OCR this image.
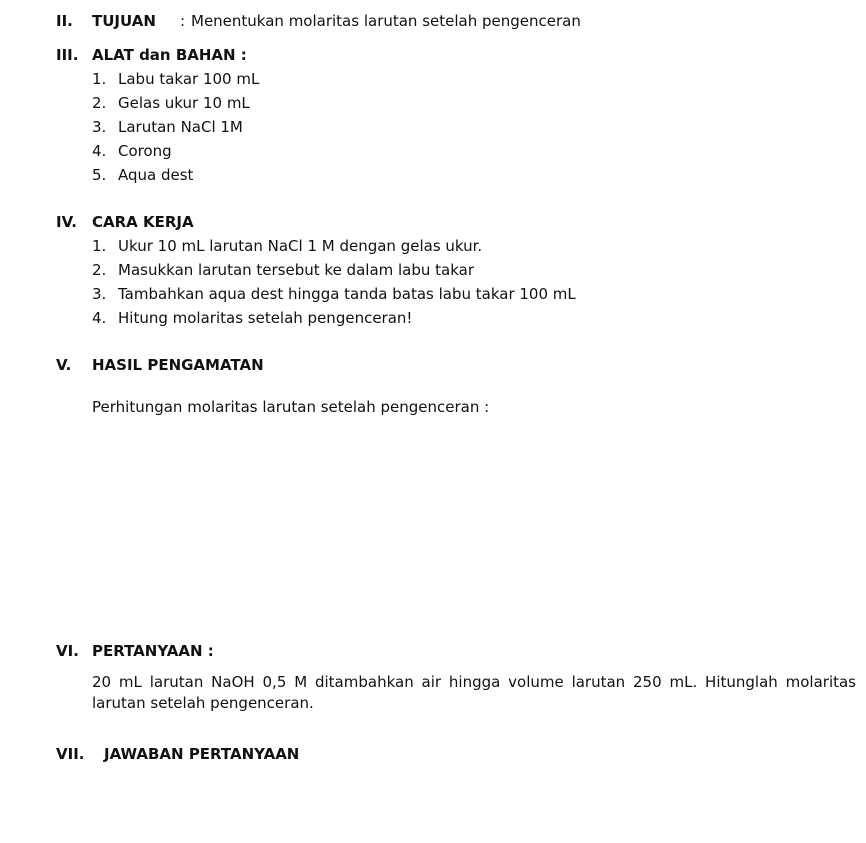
II. TUJUAN : Menentukan molaritas larutan setelah pengenceran
III. ALAT dan BAHAN :
1. Labu takar 100 mL
2. Gelas ukur 10 mL
3. Larutan NaCl 1M
4. Corong
5. Aqua dest
IV. CARA KERJA
1. Ukur 10 mL larutan NaCl 1 M dengan gelas ukur.
2. Masukkan larutan tersebut ke dalam labu takar
3. Tambahkan aqua dest hingga tanda batas labu takar 100 mL
4. Hitung molaritas setelah pengenceran!
V. HASIL PENGAMATAN
Perhitungan molaritas larutan setelah pengenceran :
VI. PERTANYAAN :
20 mL larutan NaOH 0,5 M ditambahkan air hingga volume larutan 250 mL. Hitunglah molaritas larutan setelah pengenceran.
VII. JAWABAN PERTANYAAN
